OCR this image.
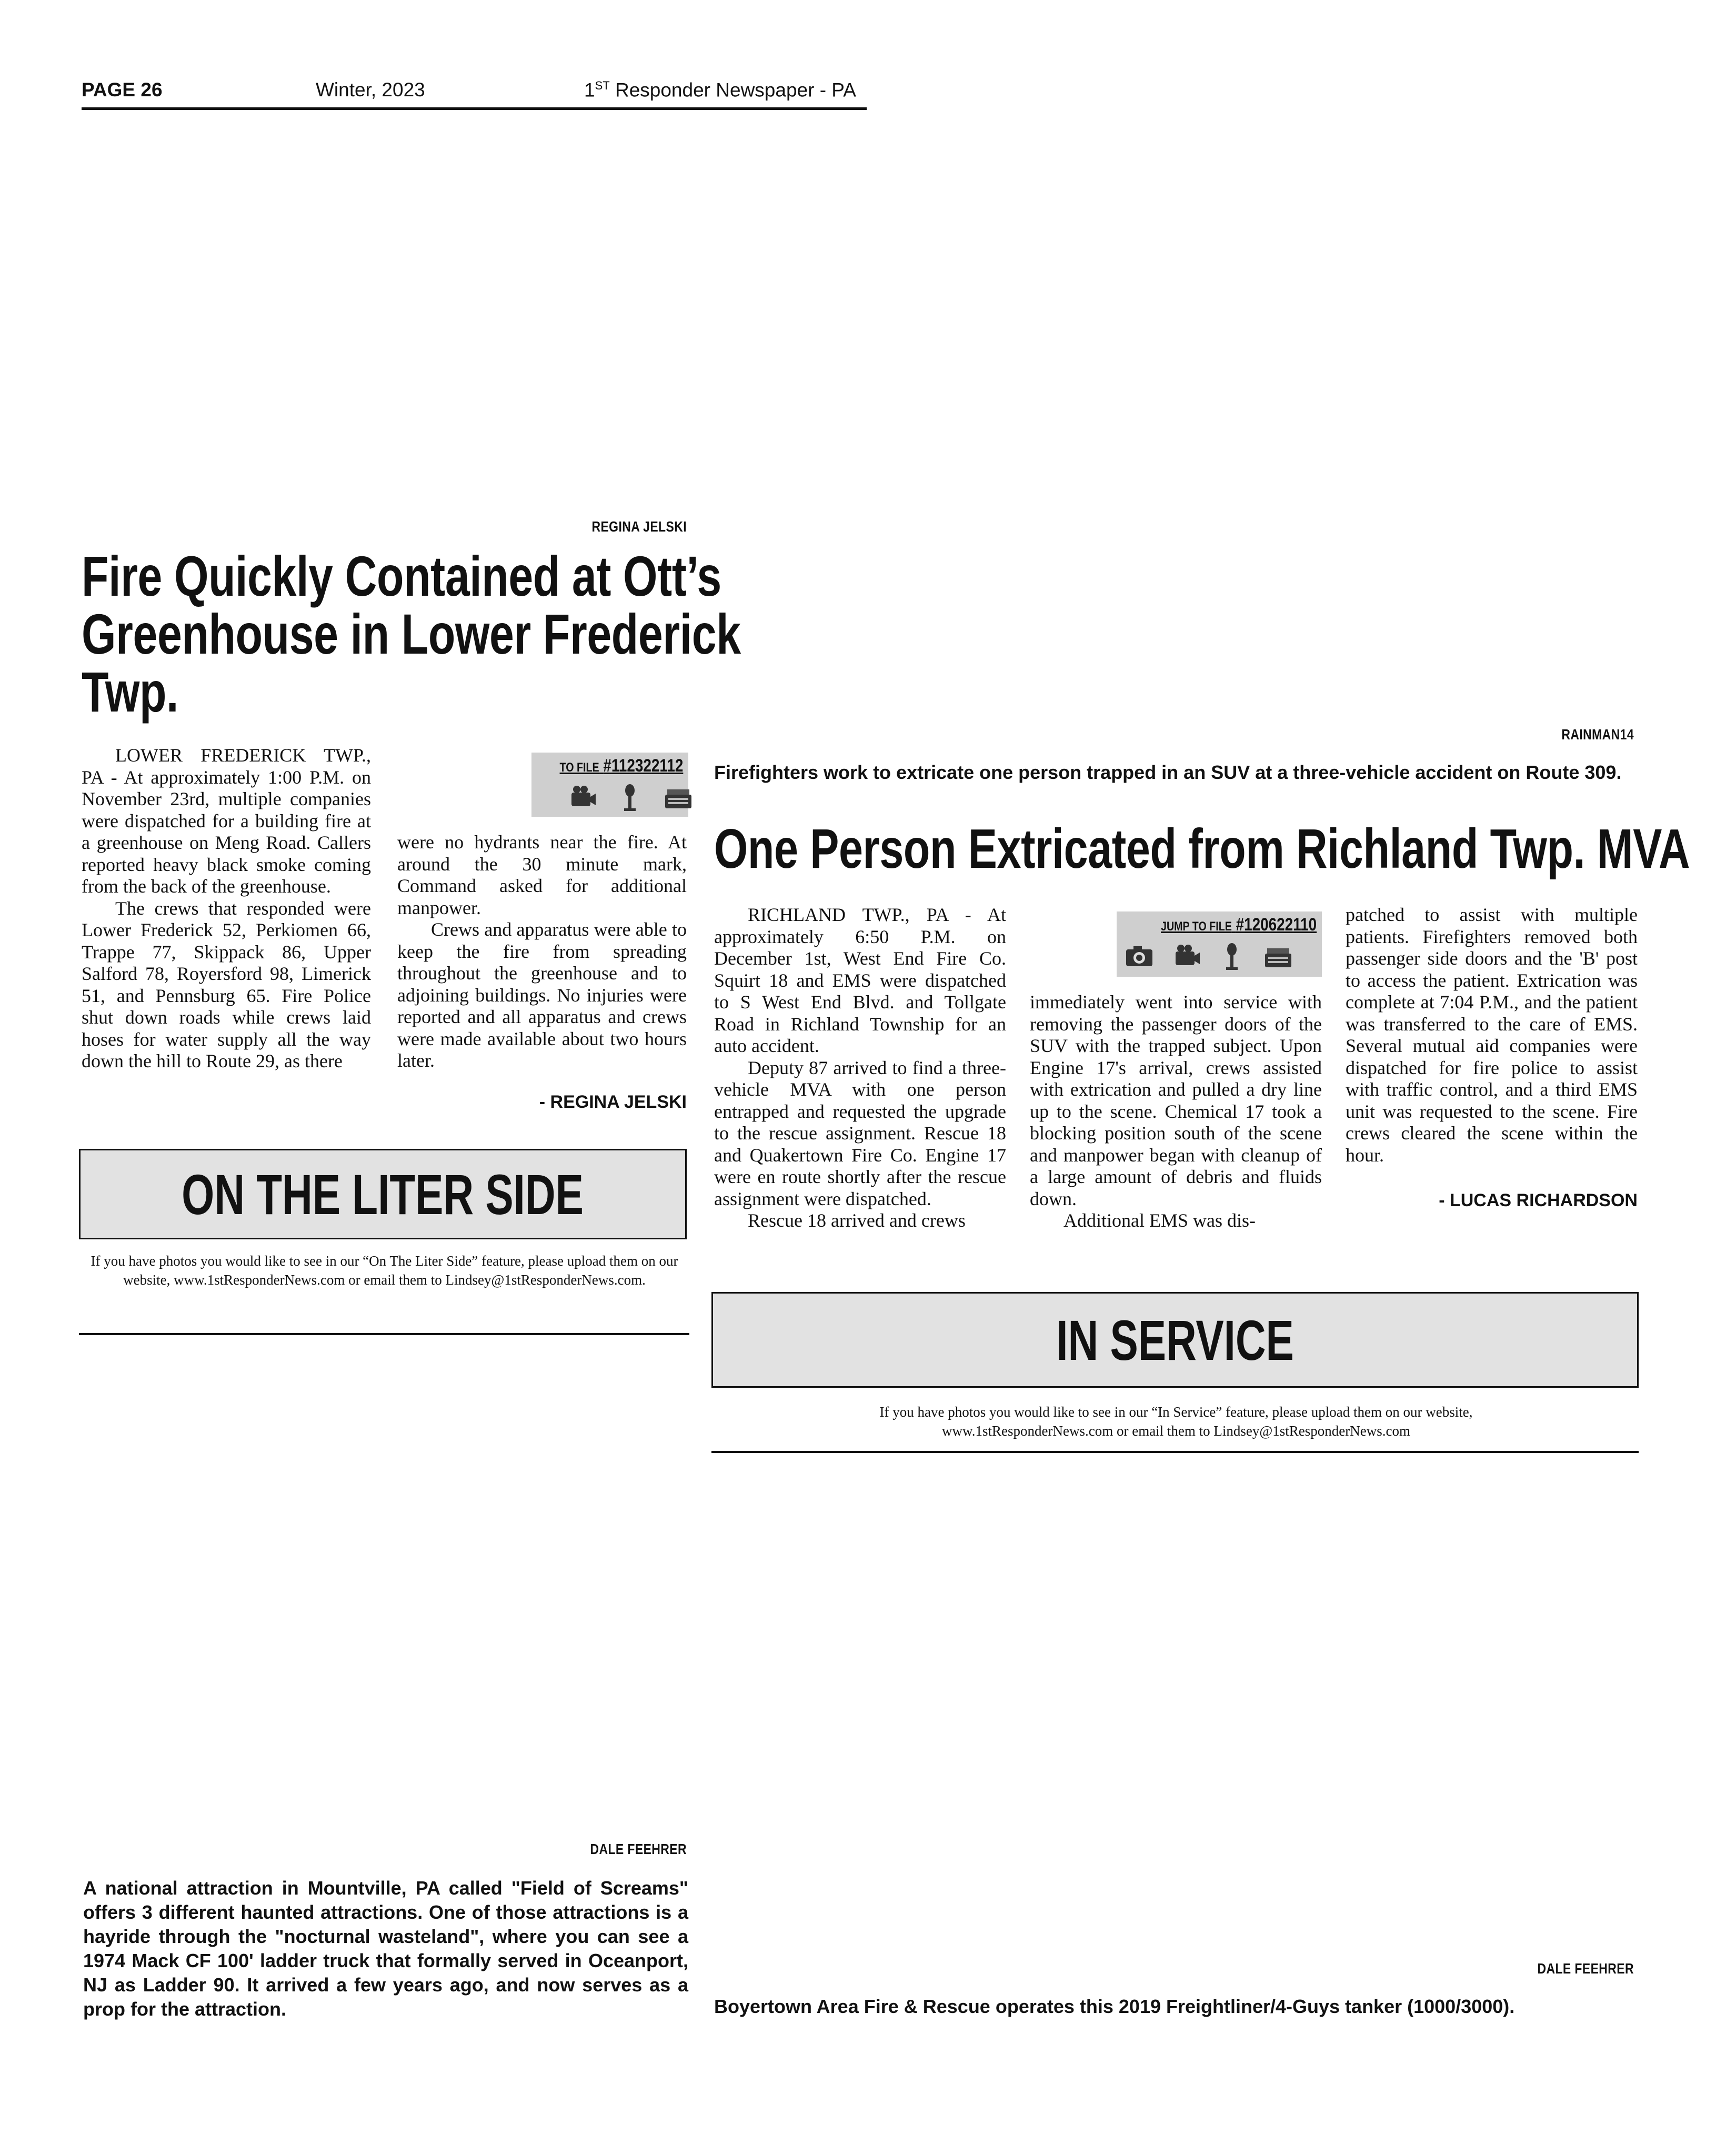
PAGE 26	Winter, 2023	1ST Responder Newspaper - PA
REGINA JELSKI
Fire Quickly Contained at Ott’s
Greenhouse in Lower Frederick
Twp.

LOWER FREDERICK TWP., PA - At approximately 1:00 P.M. on November 23rd, multiple companies were dispatched for a building fire at a greenhouse on Meng Road. Callers reported heavy black smoke coming from the back of the greenhouse.

The crews that responded were Lower Frederick 52, Perkiomen 66, Trappe 77, Skippack 86, Upper Salford 78, Royersford 98, Limerick 51, and Pennsburg 65. Fire Police shut down roads while crews laid hoses for water supply all the way down the hill to Route 29, as there

TO FILE #112322112

were no hydrants near the fire. At around the 30 minute mark, Command asked for additional manpower.

Crews and apparatus were able to keep the fire from spreading throughout the greenhouse and to adjoining buildings. No injuries were reported and all apparatus and crews were made available about two hours later.

- REGINA JELSKI
ON THE LITER SIDE
If you have photos you would like to see in our “On The Liter Side” feature, please upload them on our website, www.1stResponderNews.com or email them to Lindsey@1stResponderNews.com.
RAINMAN14
Firefighters work to extricate one person trapped in an SUV at a three-vehicle accident on Route 309.
One Person Extricated from Richland Twp. MVA

RICHLAND TWP., PA - At approximately 6:50 P.M. on December 1st, West End Fire Co. Squirt 18 and EMS were dispatched to S West End Blvd. and Tollgate Road in Richland Township for an auto accident.

Deputy 87 arrived to find a three-vehicle MVA with one person entrapped and requested the upgrade to the rescue assignment. Rescue 18 and Quakertown Fire Co. Engine 17 were en route shortly after the rescue assignment were dispatched.

Rescue 18 arrived and crews

JUMP TO FILE #120622110

immediately went into service with removing the passenger doors of the SUV with the trapped subject. Upon Engine 17's arrival, crews assisted with extrication and pulled a dry line up to the scene. Chemical 17 took a blocking position south of the scene and manpower began with cleanup of a large amount of debris and fluids down.

Additional EMS was dis-

patched to assist with multiple patients. Firefighters removed both passenger side doors and the 'B' post to access the patient. Extrication was complete at 7:04 P.M., and the patient was transferred to the care of EMS. Several mutual aid companies were dispatched for fire police to assist with traffic control, and a third EMS unit was requested to the scene. Fire crews cleared the scene within the hour.

- LUCAS RICHARDSON
IN SERVICE
If you have photos you would like to see in our “In Service” feature, please upload them on our website, www.1stResponderNews.com or email them to Lindsey@1stResponderNews.com
DALE FEEHRER
A national attraction in Mountville, PA called "Field of Screams" offers 3 different haunted attractions. One of those attractions is a hayride through the "nocturnal wasteland", where you can see a 1974 Mack CF 100' ladder truck that formally served in Oceanport, NJ as Ladder 90. It arrived a few years ago, and now serves as a prop for the attraction.
DALE FEEHRER
Boyertown Area Fire & Rescue operates this 2019 Freightliner/4-Guys tanker (1000/3000).
